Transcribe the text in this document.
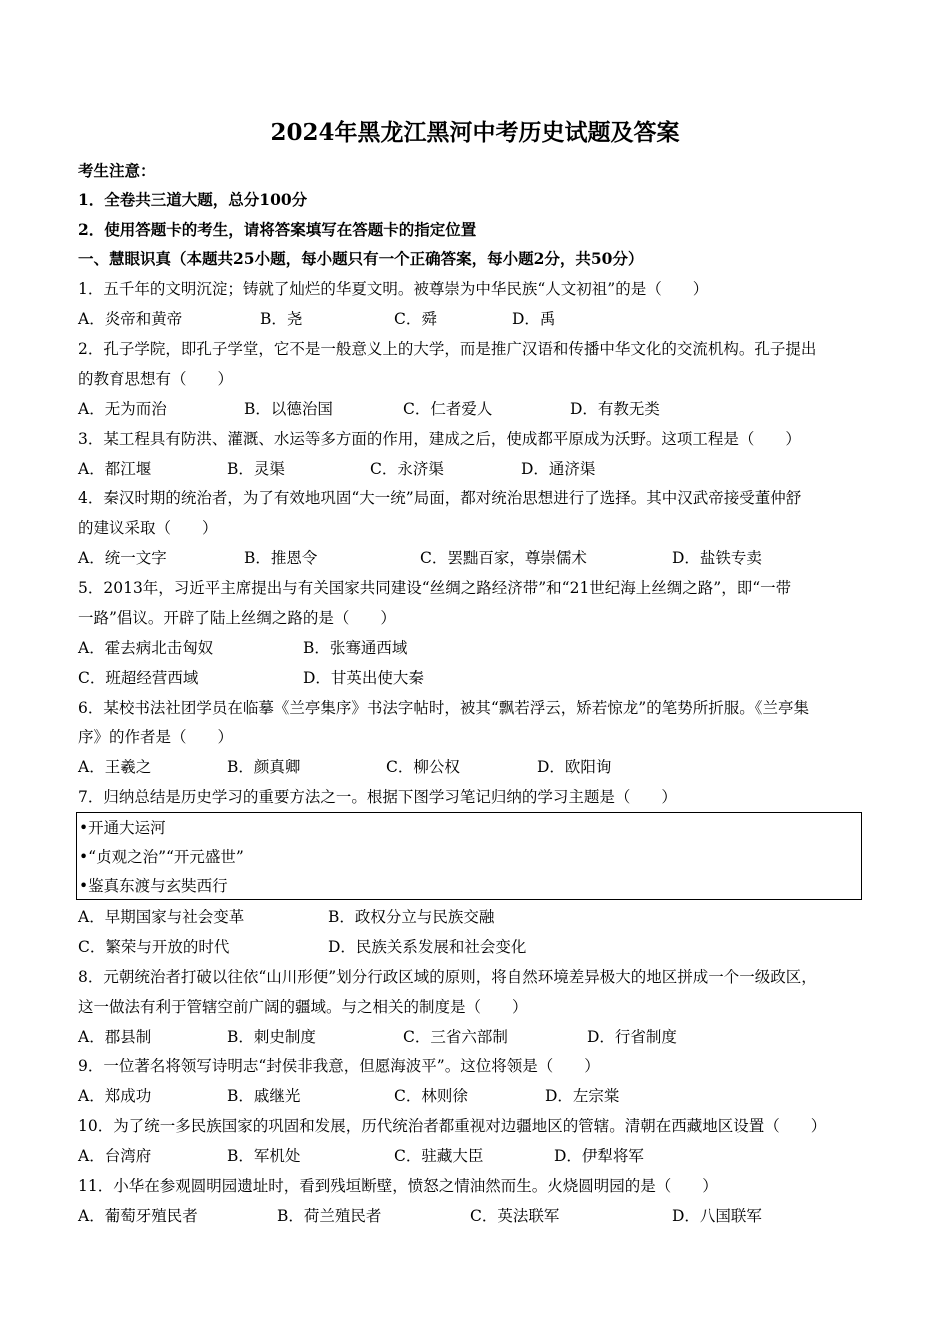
2024年黑龙江黑河中考历史试题及答案
考生注意：
1．全卷共三道大题，总分100分
2．使用答题卡的考生，请将答案填写在答题卡的指定位置
一、慧眼识真（本题共25小题，每小题只有一个正确答案，每小题2分，共50分）
1．五千年的文明沉淀；铸就了灿烂的华夏文明。被尊崇为中华民族“人文初祖”的是（　　）
A．炎帝和黄帝	B．尧	C．舜	D．禹
2．孔子学院，即孔子学堂，它不是一般意义上的大学，而是推广汉语和传播中华文化的交流机构。孔子提出
的教育思想有（　　）
A．无为而治	B．以德治国	C．仁者爱人	D．有教无类
3．某工程具有防洪、灌溉、水运等多方面的作用，建成之后，使成都平原成为沃野。这项工程是（　　）
A．都江堰	B．灵渠	C．永济渠	D．通济渠
4．秦汉时期的统治者，为了有效地巩固“大一统”局面，都对统治思想进行了选择。其中汉武帝接受董仲舒
的建议采取（　　）
A．统一文字	B．推恩令	C．罢黜百家，尊崇儒术	D．盐铁专卖
5．2013年，习近平主席提出与有关国家共同建设“丝绸之路经济带”和“21世纪海上丝绸之路”，即“一带
一路”倡议。开辟了陆上丝绸之路的是（　　）
A．霍去病北击匈奴	B．张骞通西域
C．班超经营西域	D．甘英出使大秦
6．某校书法社团学员在临摹《兰亭集序》书法字帖时，被其“飘若浮云，矫若惊龙”的笔势所折服。《兰亭集
序》的作者是（　　）
A．王羲之	B．颜真卿	C．柳公权	D．欧阳询
7．归纳总结是历史学习的重要方法之一。根据下图学习笔记归纳的学习主题是（　　）
•开通大运河
•“贞观之治”“开元盛世”
•鉴真东渡与玄奘西行
A．早期国家与社会变革	B．政权分立与民族交融
C．繁荣与开放的时代	D．民族关系发展和社会变化
8．元朝统治者打破以往依“山川形便”划分行政区域的原则，将自然环境差异极大的地区拼成一个一级政区，
这一做法有利于管辖空前广阔的疆域。与之相关的制度是（　　）
A．郡县制	B．刺史制度	C．三省六部制	D．行省制度
9．一位著名将领写诗明志“封侯非我意，但愿海波平”。这位将领是（　　）
A．郑成功	B．戚继光	C．林则徐	D．左宗棠
10．为了统一多民族国家的巩固和发展，历代统治者都重视对边疆地区的管辖。清朝在西藏地区设置（　　）
A．台湾府	B．军机处	C．驻藏大臣	D．伊犁将军
11．小华在参观圆明园遗址时，看到残垣断壁，愤怒之情油然而生。火烧圆明园的是（　　）
A．葡萄牙殖民者	B．荷兰殖民者	C．英法联军	D．八国联军
